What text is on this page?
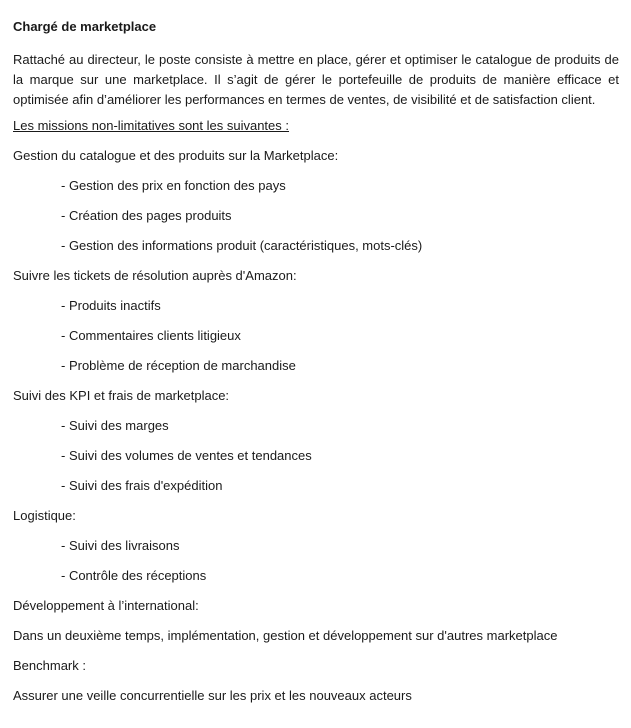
Chargé de marketplace
Rattaché au directeur, le poste consiste à mettre en place, gérer et optimiser le catalogue de produits de la marque sur une marketplace. Il s’agit de gérer le portefeuille de produits de manière efficace et optimisée afin d’améliorer les performances en termes de ventes, de visibilité et de satisfaction client.
Les missions non-limitatives sont les suivantes :
Gestion du catalogue et des produits sur la Marketplace:
- Gestion des prix en fonction des pays
- Création des pages produits
- Gestion des informations produit (caractéristiques, mots-clés)
Suivre les tickets de résolution auprès d'Amazon:
- Produits inactifs
- Commentaires clients litigieux
- Problème de réception de marchandise
Suivi des KPI et frais de marketplace:
- Suivi des marges
- Suivi des volumes de ventes et tendances
- Suivi des frais d'expédition
Logistique:
- Suivi des livraisons
- Contrôle des réceptions
Développement à l’international:
Dans un deuxième temps, implémentation, gestion et développement sur d'autres marketplace
Benchmark :
Assurer une veille concurrentielle sur les prix et les nouveaux acteurs
